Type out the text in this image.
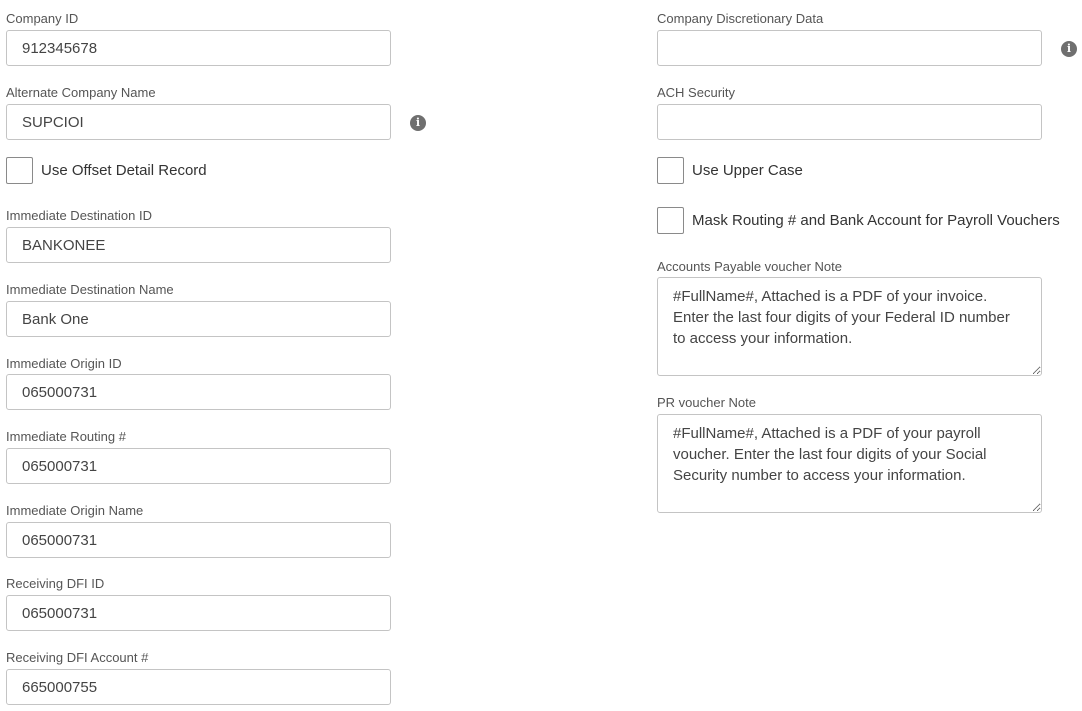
Company ID
912345678
Alternate Company Name
SUPCIOI
i
Use Offset Detail Record
Immediate Destination ID
BANKONEE
Immediate Destination Name
Bank One
Immediate Origin ID
065000731
Immediate Routing #
065000731
Immediate Origin Name
065000731
Receiving DFI ID
065000731
Receiving DFI Account #
665000755
Company Discretionary Data
i
ACH Security
Use Upper Case
Mask Routing # and Bank Account for Payroll Vouchers
Accounts Payable voucher Note
#FullName#, Attached is a PDF of your invoice. Enter the last four digits of your Federal ID number to access your information.
PR voucher Note
#FullName#, Attached is a PDF of your payroll voucher. Enter the last four digits of your Social Security number to access your information.
